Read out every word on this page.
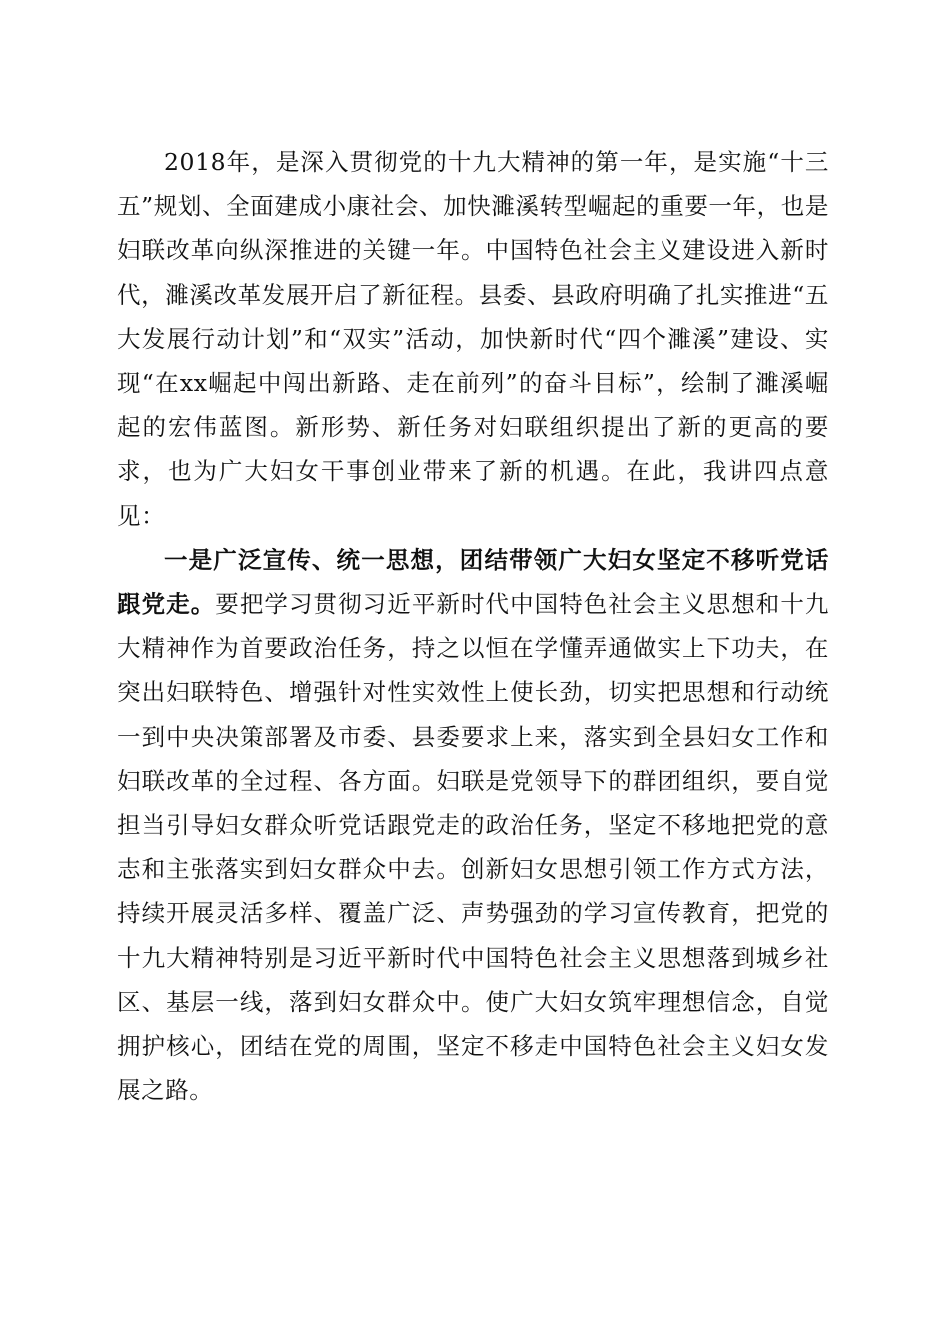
2018年，是深入贯彻党的十九大精神的第一年，是实施“十三五”规划、全面建成小康社会、加快濉溪转型崛起的重要一年，也是妇联改革向纵深推进的关键一年。中国特色社会主义建设进入新时代，濉溪改革发展开启了新征程。县委、县政府明确了扎实推进“五大发展行动计划”和“双实”活动，加快新时代“四个濉溪”建设、实现“在xx崛起中闯出新路、走在前列”的奋斗目标”，绘制了濉溪崛起的宏伟蓝图。新形势、新任务对妇联组织提出了新的更高的要求，也为广大妇女干事创业带来了新的机遇。在此，我讲四点意见：

一是广泛宣传、统一思想，团结带领广大妇女坚定不移听党话跟党走。要把学习贯彻习近平新时代中国特色社会主义思想和十九大精神作为首要政治任务，持之以恒在学懂弄通做实上下功夫，在突出妇联特色、增强针对性实效性上使长劲，切实把思想和行动统一到中央决策部署及市委、县委要求上来，落实到全县妇女工作和妇联改革的全过程、各方面。妇联是党领导下的群团组织，要自觉担当引导妇女群众听党话跟党走的政治任务，坚定不移地把党的意志和主张落实到妇女群众中去。创新妇女思想引领工作方式方法，持续开展灵活多样、覆盖广泛、声势强劲的学习宣传教育，把党的十九大精神特别是习近平新时代中国特色社会主义思想落到城乡社区、基层一线，落到妇女群众中。使广大妇女筑牢理想信念，自觉拥护核心，团结在党的周围，坚定不移走中国特色社会主义妇女发展之路。
